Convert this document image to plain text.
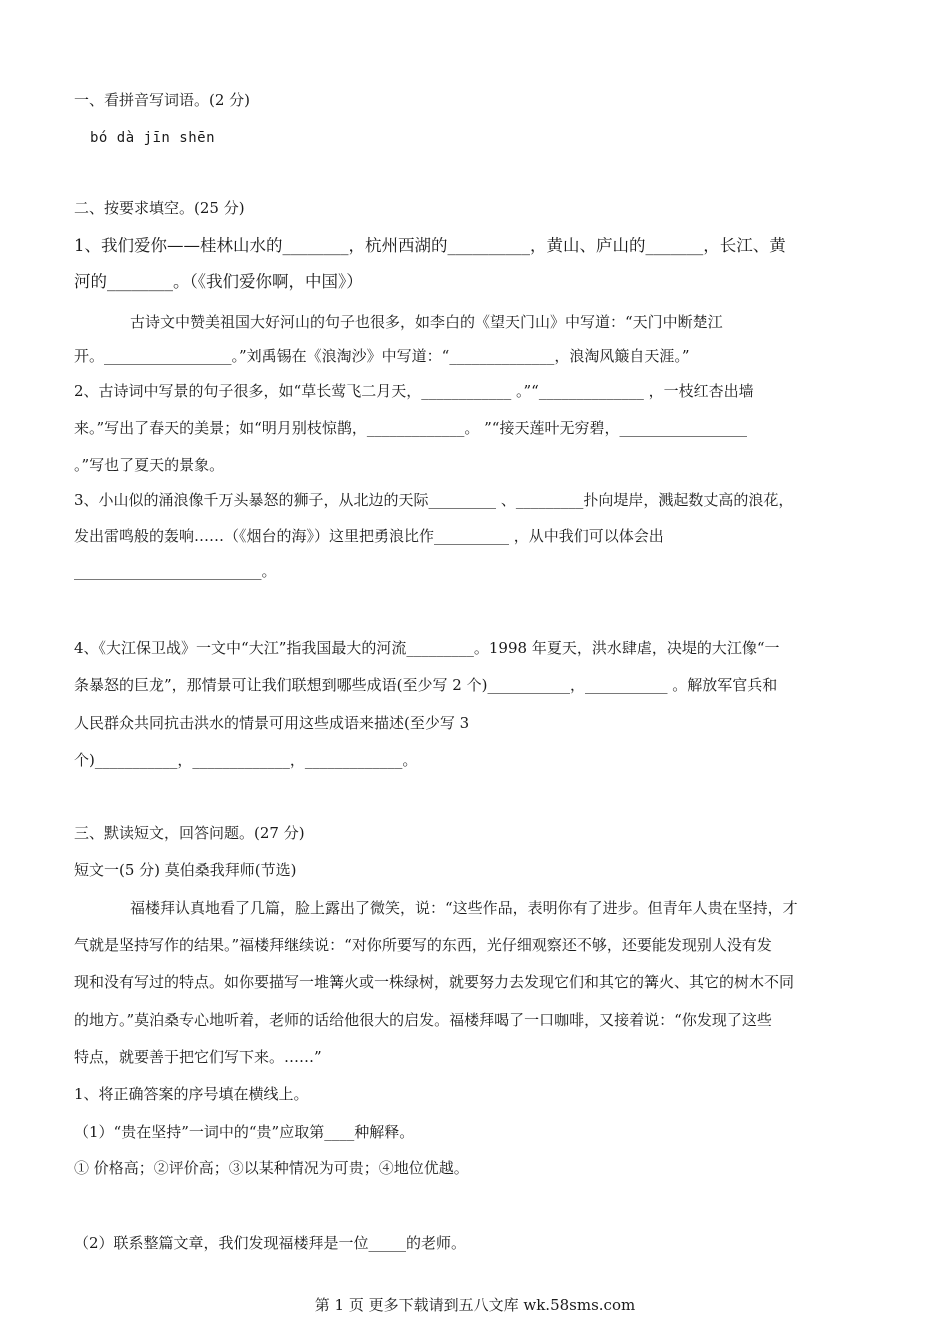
一、看拼音写词语。(2 分)
bó dà jīn shēn
二、按要求填空。(25 分)
1、我们爱你——桂林山水的________，杭州西湖的__________，黄山、庐山的_______，长江、黄
河的________。（《我们爱你啊，中国》）
古诗文中赞美祖国大好河山的句子也很多，如李白的《望天门山》中写道：“天门中断楚江
开。_________________。”刘禹锡在《浪淘沙》中写道：“______________，浪淘风簸自天涯。”
2、古诗词中写景的句子很多，如“草长莺飞二月天，____________ 。”“______________ ，一枝红杏出墙
来。”写出了春天的美景；如“明月别枝惊鹊，_____________。 ”“接天莲叶无穷碧，_________________
。”写也了夏天的景象。
3、小山似的涌浪像千万头暴怒的狮子，从北边的天际_________ 、_________扑向堤岸，溅起数丈高的浪花，
发出雷鸣般的轰响……（《烟台的海》）这里把勇浪比作__________ ，从中我们可以体会出
_________________________。
4、《大江保卫战》一文中“大江”指我国最大的河流_________。1998 年夏天，洪水肆虐，决堤的大江像“一
条暴怒的巨龙”，那情景可让我们联想到哪些成语(至少写 2 个)___________，___________ 。解放军官兵和
人民群众共同抗击洪水的情景可用这些成语来描述(至少写 3
个)___________，_____________，_____________。
三、默读短文，回答问题。(27 分)
短文一(5 分) 莫伯桑我拜师(节选)
福楼拜认真地看了几篇，脸上露出了微笑，说：“这些作品，表明你有了进步。但青年人贵在坚持，才
气就是坚持写作的结果。”福楼拜继续说：“对你所要写的东西，光仔细观察还不够，还要能发现别人没有发
现和没有写过的特点。如你要描写一堆篝火或一株绿树，就要努力去发现它们和其它的篝火、其它的树木不同
的地方。”莫泊桑专心地听着，老师的话给他很大的启发。福楼拜喝了一口咖啡，又接着说：“你发现了这些
特点，就要善于把它们写下来。……”
1、将正确答案的序号填在横线上。
（1）“贵在坚持”一词中的“贵”应取第____种解释。
① 价格高；②评价高；③以某种情况为可贵；④地位优越。
（2）联系整篇文章，我们发现福楼拜是一位_____的老师。
第 1 页 更多下载请到五八文库 wk.58sms.com
